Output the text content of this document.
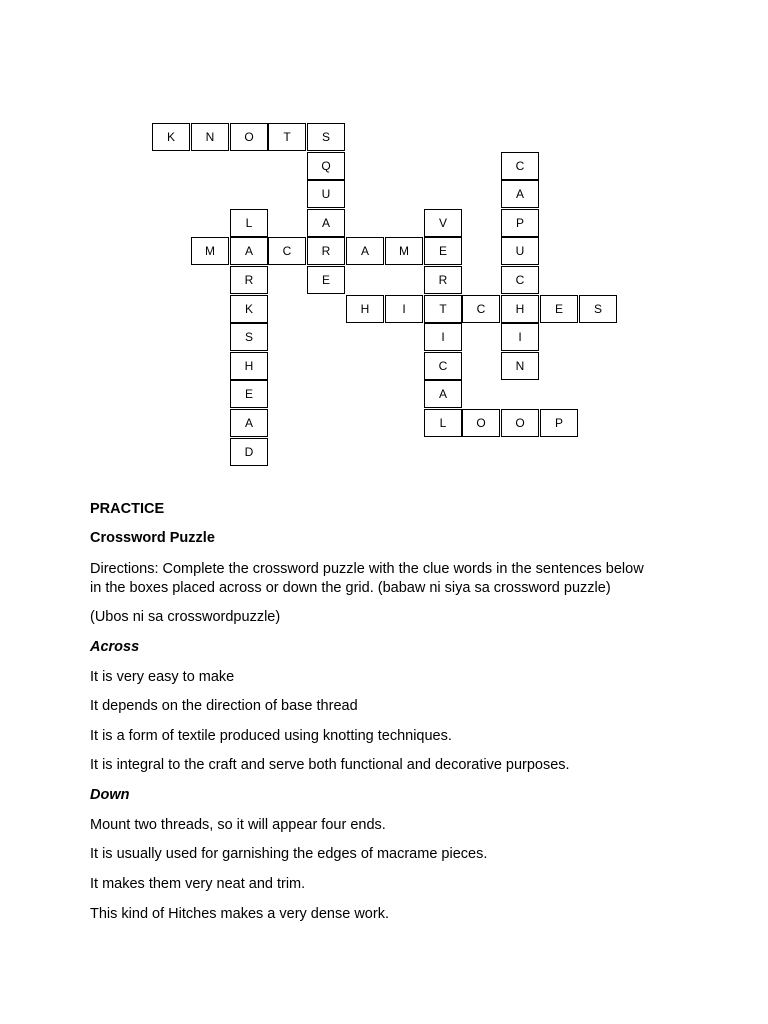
K	N	O	T	S
Q
U
A
R
E
C
A
P
U
C
H
I
N
L
A
R
K
S
H
E
A
D
V
E
R
T
I
C
A
L
M	C	A	M
H	I	C	E	S
O	O	P

PRACTICE

Crossword Puzzle

Directions: Complete the crossword puzzle with the clue words in the sentences below

in the boxes placed across or down the grid. (babaw ni siya sa crossword puzzle)

(Ubos ni sa crosswordpuzzle)

Across

It is very easy to make

It depends on the direction of base thread

It is a form of textile produced using knotting techniques.

It is integral to the craft and serve both functional and decorative purposes.

Down

Mount two threads, so it will appear four ends.

It is usually used for garnishing the edges of macrame pieces.

It makes them very neat and trim.

This kind of Hitches makes a very dense work.
